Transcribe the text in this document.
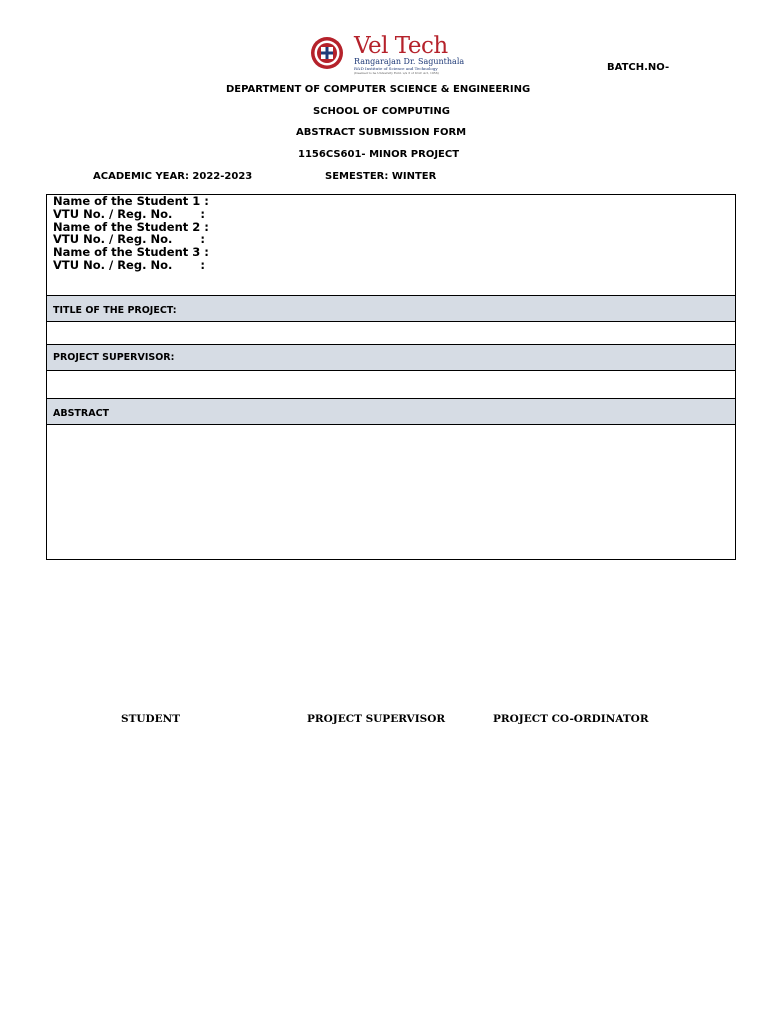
Vel Tech
Rangarajan Dr. Sagunthala
R&D Institute of Science and Technology
(Deemed to be University Estd. u/s 3 of UGC Act, 1956)	BATCH.NO-
DEPARTMENT OF COMPUTER SCIENCE & ENGINEERING
SCHOOL OF COMPUTING
ABSTRACT SUBMISSION FORM
1156CS601- MINOR PROJECT
ACADEMIC YEAR: 2022-2023	SEMESTER: WINTER
Name of the Student 1 :
VTU No. / Reg. No.       :
Name of the Student 2 :
VTU No. / Reg. No.       :
Name of the Student 3 :
VTU No. / Reg. No.       :
TITLE OF THE PROJECT:
PROJECT SUPERVISOR:
ABSTRACT
STUDENT	PROJECT SUPERVISOR	PROJECT CO-ORDINATOR
